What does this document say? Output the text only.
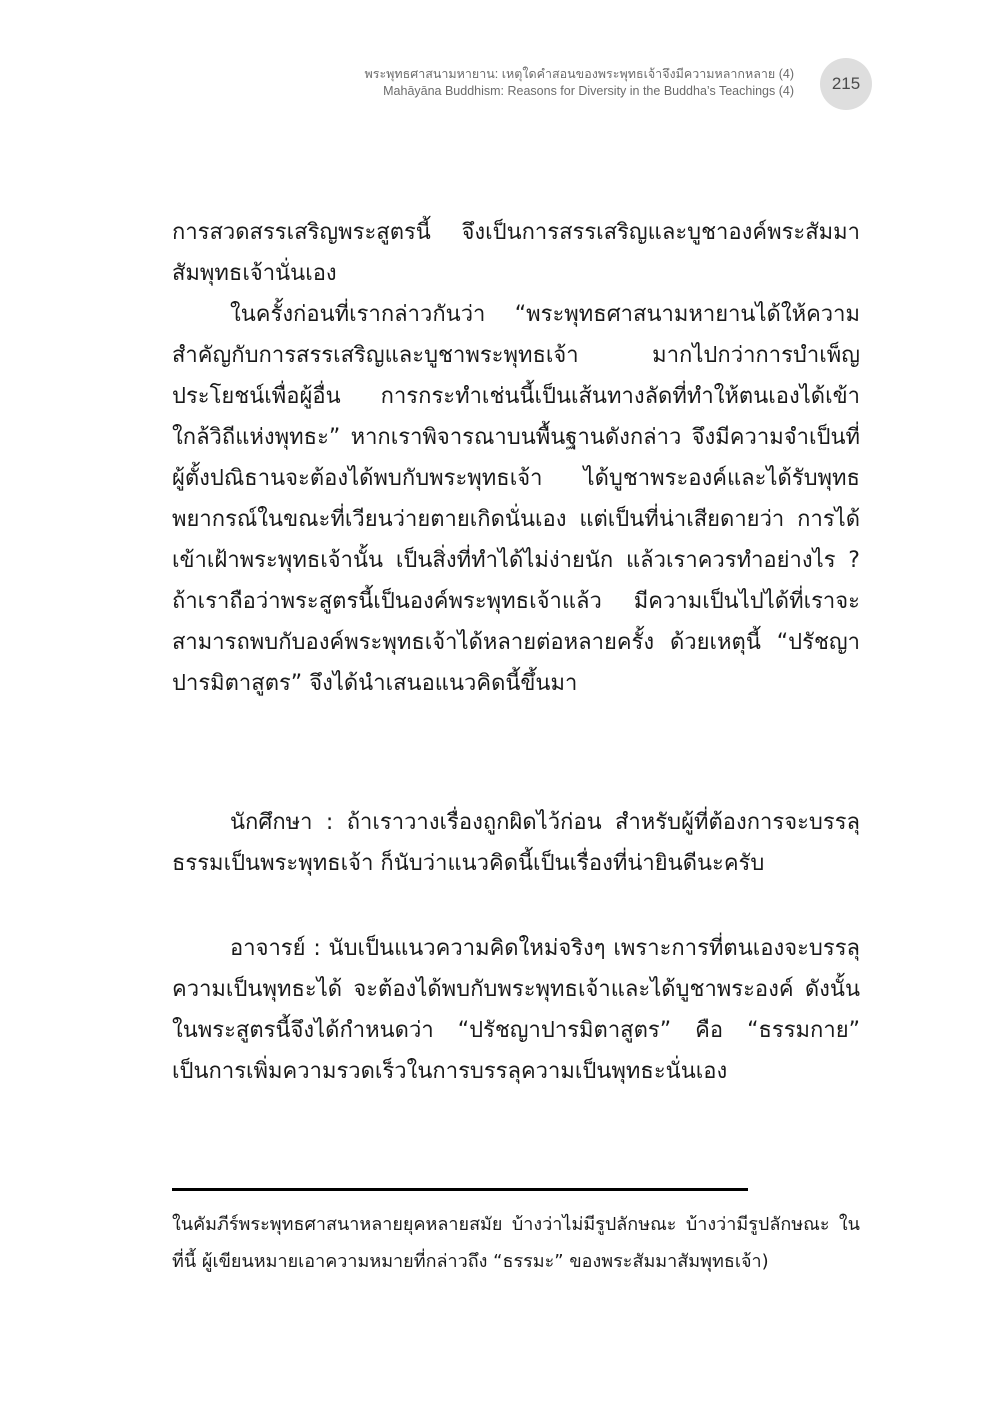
พระพุทธศาสนามหายาน: เหตุใดคำสอนของพระพุทธเจ้าจึงมีความหลากหลาย (4)
Mahāyāna Buddhism: Reasons for Diversity in the Buddha’s Teachings (4) 215

การสวดสรรเสริญพระสูตรนี้ จึงเป็นการสรรเสริญและบูชาองค์พระสัมมาสัมพุทธเจ้านั่นเอง

ในครั้งก่อนที่เรากล่าวกันว่า “พระพุทธศาสนามหายานได้ให้ความสำคัญกับการสรรเสริญและบูชาพระพุทธเจ้า มากไปกว่าการบำเพ็ญประโยชน์เพื่อผู้อื่น การกระทำเช่นนี้เป็นเส้นทางลัดที่ทำให้ตนเองได้เข้าใกล้วิถีแห่งพุทธะ” หากเราพิจารณาบนพื้นฐานดังกล่าว จึงมีความจำเป็นที่ผู้ตั้งปณิธานจะต้องได้พบกับพระพุทธเจ้า ได้บูชาพระองค์และได้รับพุทธพยากรณ์ในขณะที่เวียนว่ายตายเกิดนั่นเอง แต่เป็นที่น่าเสียดายว่า การได้เข้าเฝ้าพระพุทธเจ้านั้น เป็นสิ่งที่ทำได้ไม่ง่ายนัก แล้วเราควรทำอย่างไร ? ถ้าเราถือว่าพระสูตรนี้เป็นองค์พระพุทธเจ้าแล้ว มีความเป็นไปได้ที่เราจะสามารถพบกับองค์พระพุทธเจ้าได้หลายต่อหลายครั้ง ด้วยเหตุนี้ “ปรัชญาปารมิตาสูตร” จึงได้นำเสนอแนวคิดนี้ขึ้นมา

นักศึกษา : ถ้าเราวางเรื่องถูกผิดไว้ก่อน สำหรับผู้ที่ต้องการจะบรรลุธรรมเป็นพระพุทธเจ้า ก็นับว่าแนวคิดนี้เป็นเรื่องที่น่ายินดีนะครับ

อาจารย์ : นับเป็นแนวความคิดใหม่จริงๆ เพราะการที่ตนเองจะบรรลุความเป็นพุทธะได้ จะต้องได้พบกับพระพุทธเจ้าและได้บูชาพระองค์ ดังนั้น ในพระสูตรนี้จึงได้กำหนดว่า “ปรัชญาปารมิตาสูตร” คือ “ธรรมกาย” เป็นการเพิ่มความรวดเร็วในการบรรลุความเป็นพุทธะนั่นเอง

ในคัมภีร์พระพุทธศาสนาหลายยุคหลายสมัย บ้างว่าไม่มีรูปลักษณะ บ้างว่ามีรูปลักษณะ ในที่นี้ ผู้เขียนหมายเอาความหมายที่กล่าวถึง “ธรรมะ” ของพระสัมมาสัมพุทธเจ้า)
